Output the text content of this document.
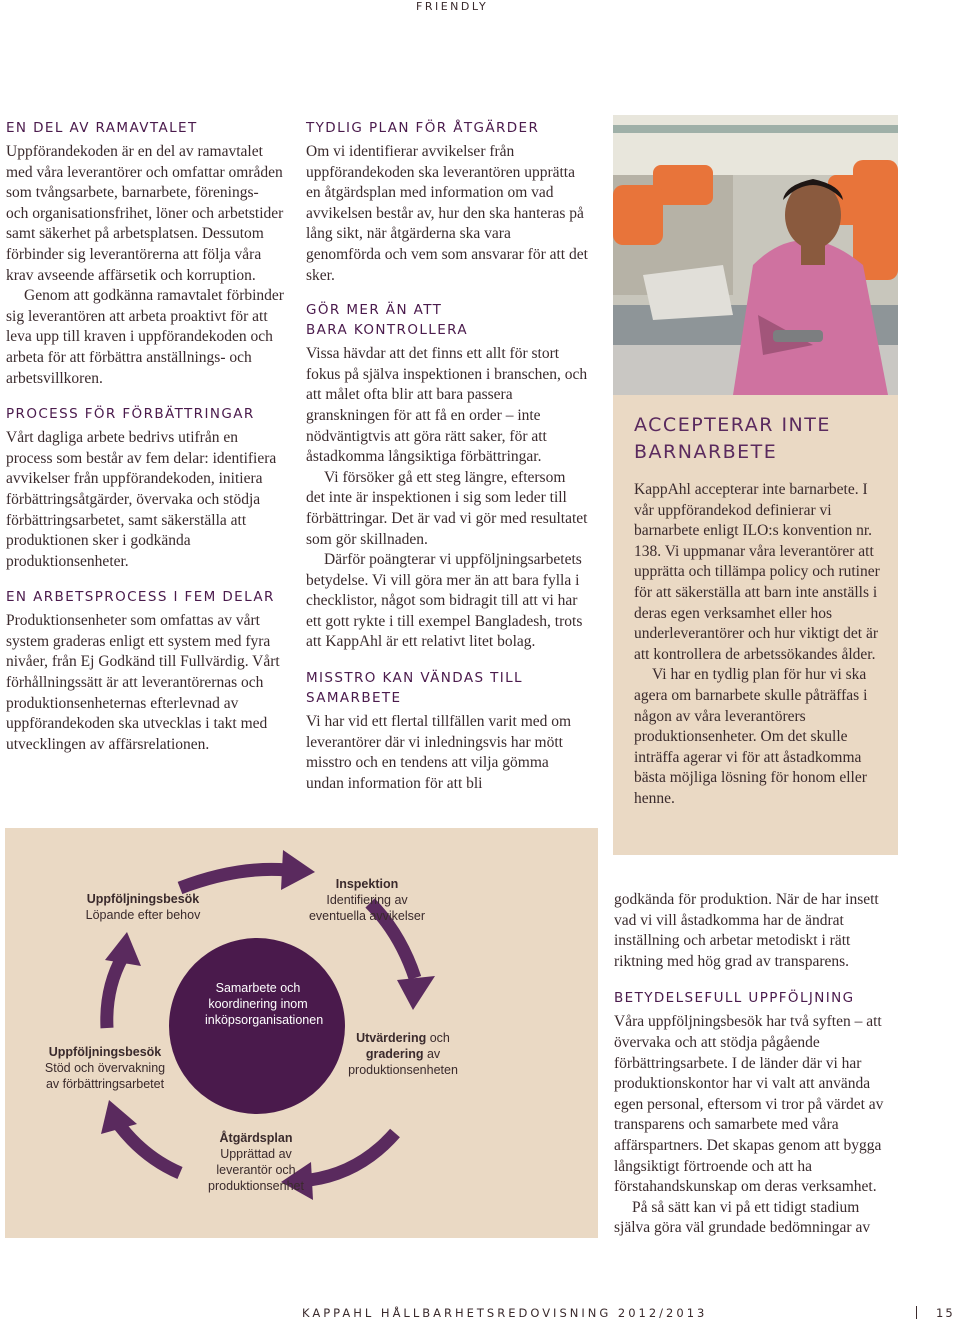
FRIENDLY
EN DEL AV RAMAVTALET

Uppförandekoden är en del av ramavtalet med våra leverantörer och omfattar områden som tvångsarbete, barnarbete, förenings- och organisationsfrihet, löner och arbetstider samt säkerhet på arbetsplatsen. Dessutom förbinder sig leverantörerna att följa våra krav avseende affärsetik och korruption.

Genom att godkänna ramavtalet förbinder sig leverantören att arbeta proaktivt för att leva upp till kraven i uppförandekoden och arbeta för att förbättra anställnings- och arbetsvillkoren.

PROCESS FÖR FÖRBÄTTRINGAR

Vårt dagliga arbete bedrivs utifrån en process som består av fem delar: identifiera avvikelser från uppförandekoden, initiera förbättringsåtgärder, övervaka och stödja förbättringsarbetet, samt säkerställa att produktionen sker i godkända produktionsenheter.

EN ARBETSPROCESS I FEM DELAR

Produktionsenheter som omfattas av vårt system graderas enligt ett system med fyra nivåer, från Ej Godkänd till Fullvärdig. Vårt förhållningssätt är att leverantörernas och produktionsenheternas efterlevnad av uppförandekoden ska utvecklas i takt med utvecklingen av affärsrelationen.

TYDLIG PLAN FÖR ÅTGÄRDER

Om vi identifierar avvikelser från uppförandekoden ska leverantören upprätta en åtgärdsplan med information om vad avvikelsen består av, hur den ska hanteras på lång sikt, när åtgärderna ska vara genomförda och vem som ansvarar för att det sker.

GÖR MER ÄN ATT
BARA KONTROLLERA

Vissa hävdar att det finns ett allt för stort fokus på själva inspektionen i branschen, och att målet ofta blir att bara passera granskningen för att få en order – inte nödväntigtvis att göra rätt saker, för att åstadkomma långsiktiga förbättringar.

Vi försöker gå ett steg längre, eftersom det inte är inspektionen i sig som leder till förbättringar. Det är vad vi gör med resultatet som gör skillnaden.

Därför poängterar vi uppföljningsarbetets betydelse. Vi vill göra mer än att bara fylla i checklistor, något som bidragit till att vi har ett gott rykte i till exempel Bangladesh, trots att KappAhl är ett relativt litet bolag.

MISSTRO KAN VÄNDAS TILL
SAMARBETE

Vi har vid ett flertal tillfällen varit med om leverantörer där vi inledningsvis har mött misstro och en tendens att vilja gömma undan information för att bli

ACCEPTERAR INTE
BARNARBETE

KappAhl accepterar inte barnarbete. I vår uppförandekod definierar vi barnarbete enligt ILO:s konvention nr. 138. Vi uppmanar våra leverantörer att upprätta och tillämpa policy och rutiner för att säkerställa att barn inte anställs i deras egen verksamhet eller hos underleverantörer och hur viktigt det är att kontrollera de arbetssökandes ålder.

Vi har en tydlig plan för hur vi ska agera om barnarbete skulle påträffas i någon av våra leverantörers produktionsenheter. Om det skulle inträffa agerar vi för att åstadkomma bästa möjliga lösning för honom eller henne.

Samarbete och koordinering inom inköpsorganisationen
Inspektion
Identifiering av eventuella avvikelser
Utvärdering och gradering av produktionsenheten
Åtgärdsplan
Upprättad av leverantör och produktionsenhet
Uppföljningsbesök
Stöd och övervakning av förbättringsarbetet
Uppföljningsbesök
Löpande efter behov

godkända för produktion. När de har insett vad vi vill åstadkomma har de ändrat inställning och arbetar metodiskt i rätt riktning med hög grad av transparens.

BETYDELSEFULL UPPFÖLJNING

Våra uppföljningsbesök har två syften – att övervaka och att stödja pågående förbättringsarbete. I de länder där vi har produktionskontor har vi valt att använda egen personal, eftersom vi tror på värdet av transparens och samarbete med våra affärspartners. Det skapas genom att bygga långsiktigt förtroende och att ha förstahandskunskap om deras verksamhet.

På så sätt kan vi på ett tidigt stadium själva göra väl grundade bedömningar av

KAPPAHL HÅLLBARHETSREDOVISNING 2012/2013	15
